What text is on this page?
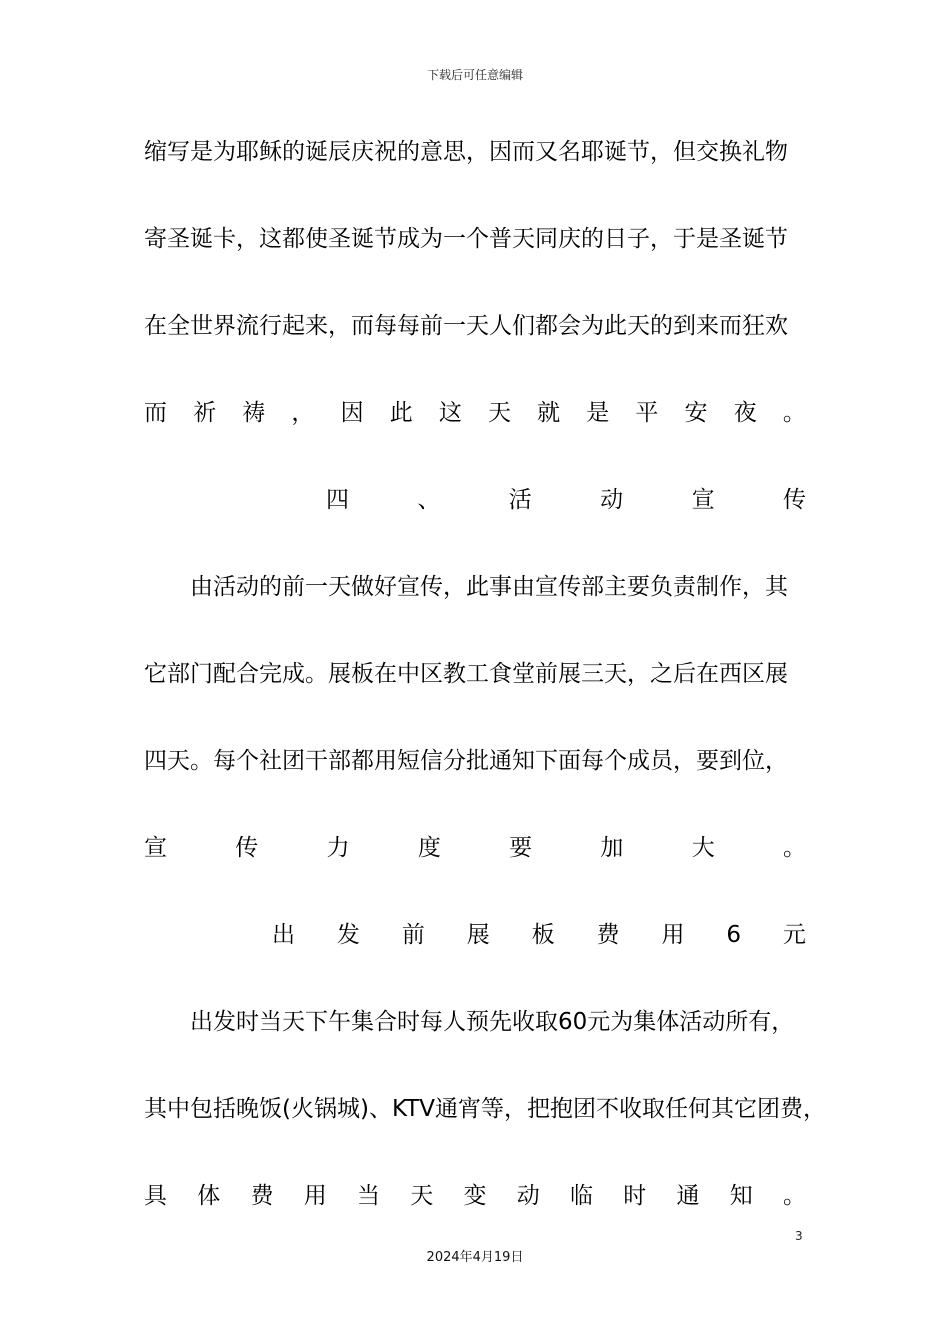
下载后可任意编辑
缩写是为耶稣的诞辰庆祝的意思，因而又名耶诞节，但交换礼物
寄圣诞卡，这都使圣诞节成为一个普天同庆的日子，于是圣诞节
在全世界流行起来，而每每前一天人们都会为此天的到来而狂欢
而 祈 祷 ， 因 此 这 天 就 是 平 安 夜 。
四	、	活	动	宣	传
由活动的前一天做好宣传，此事由宣传部主要负责制作，其
它部门配合完成。展板在中区教工食堂前展三天，之后在西区展
四天。每个社团干部都用短信分批通知下面每个成员，要到位，
宣	传	力	度	要	加	大	。
出 发 前 展 板 费 用 6 元
出发时当天下午集合时每人预先收取60元为集体活动所有，
其中包括晚饭(火锅城)、KTV通宵等，把抱团不收取任何其它团费，
具 体 费 用 当 天 变 动 临 时 通 知 。
3
2024年4月19日
